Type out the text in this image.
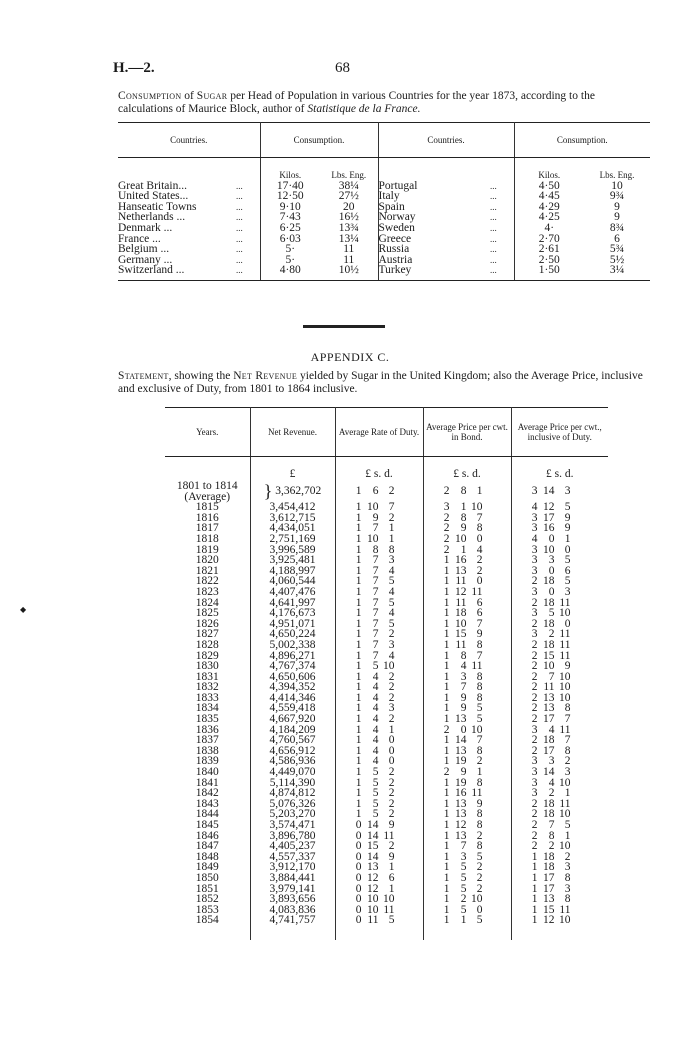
H.—2.	68
Consumption of Sugar per Head of Population in various Countries for the year 1873, according to the calculations of Maurice Block, author of Statistique de la France.
Countries.		Consumption.		Countries.		Consumption.	
		Kilos.	Lbs. Eng.			Kilos.	Lbs. Eng.
Great Britain...	...	17·40	38¼	Portugal	...	4·50	10
United States...	...	12·50	27½	Italy	...	4·45	9¾
Hanseatic Towns	...	9·10	20	Spain	...	4·29	9
Netherlands ...	...	7·43	16½	Norway	...	4·25	9
Denmark ...	...	6·25	13¾	Sweden	...	4·	8¾
France ...	...	6·03	13¼	Greece	...	2·70	6
Belgium ...	...	5·	11	Russia	...	2·61	5¾
Germany ...	...	5·	11	Austria	...	2·50	5½
Switzerland ...	...	4·80	10½	Turkey	...	1·50	3¼
APPENDIX C.
Statement, showing the Net Revenue yielded by Sugar in the United Kingdom; also the Average Price, inclusive and exclusive of Duty, from 1801 to 1864 inclusive.
Years.	Net Revenue.	Average Rate of Duty.	Average Price per cwt. in Bond.	Average Price per cwt., inclusive of Duty.
	£	£ s. d.	£ s. d.	£ s. d.
1801 to 1814	} 3,362,702	1 6 2	2 8 1	3 14 3
(Average)				
1815	3,454,412	1 10 7	3 1 10	4 12 5
1816	3,612,715	1 9 2	2 8 7	3 17 9
1817	4,434,051	1 7 1	2 9 8	3 16 9
1818	2,751,169	1 10 1	2 10 0	4 0 1
1819	3,996,589	1 8 8	2 1 4	3 10 0
1820	3,925,481	1 7 3	1 16 2	3 3 5
1821	4,188,997	1 7 4	1 13 2	3 0 6
1822	4,060,544	1 7 5	1 11 0	2 18 5
1823	4,407,476	1 7 4	1 12 11	3 0 3
1824	4,641,997	1 7 5	1 11 6	2 18 11
1825	4,176,673	1 7 4	1 18 6	3 5 10
1826	4,951,071	1 7 5	1 10 7	2 18 0
1827	4,650,224	1 7 2	1 15 9	3 2 11
1828	5,002,338	1 7 3	1 11 8	2 18 11
1829	4,896,271	1 7 4	1 8 7	2 15 11
1830	4,767,374	1 5 10	1 4 11	2 10 9
1831	4,650,606	1 4 2	1 3 8	2 7 10
1832	4,394,352	1 4 2	1 7 8	2 11 10
1833	4,414,346	1 4 2	1 9 8	2 13 10
1834	4,559,418	1 4 3	1 9 5	2 13 8
1835	4,667,920	1 4 2	1 13 5	2 17 7
1836	4,184,209	1 4 1	2 0 10	3 4 11
1837	4,760,567	1 4 0	1 14 7	2 18 7
1838	4,656,912	1 4 0	1 13 8	2 17 8
1839	4,586,936	1 4 0	1 19 2	3 3 2
1840	4,449,070	1 5 2	2 9 1	3 14 3
1841	5,114,390	1 5 2	1 19 8	3 4 10
1842	4,874,812	1 5 2	1 16 11	3 2 1
1843	5,076,326	1 5 2	1 13 9	2 18 11
1844	5,203,270	1 5 2	1 13 8	2 18 10
1845	3,574,471	0 14 9	1 12 8	2 7 5
1846	3,896,780	0 14 11	1 13 2	2 8 1
1847	4,405,237	0 15 2	1 7 8	2 2 10
1848	4,557,337	0 14 9	1 3 5	1 18 2
1849	3,912,170	0 13 1	1 5 2	1 18 3
1850	3,884,441	0 12 6	1 5 2	1 17 8
1851	3,979,141	0 12 1	1 5 2	1 17 3
1852	3,893,656	0 10 10	1 2 10	1 13 8
1853	4,083,836	0 10 11	1 5 0	1 15 11
1854	4,741,757	0 11 5	1 1 5	1 12 10

◆
